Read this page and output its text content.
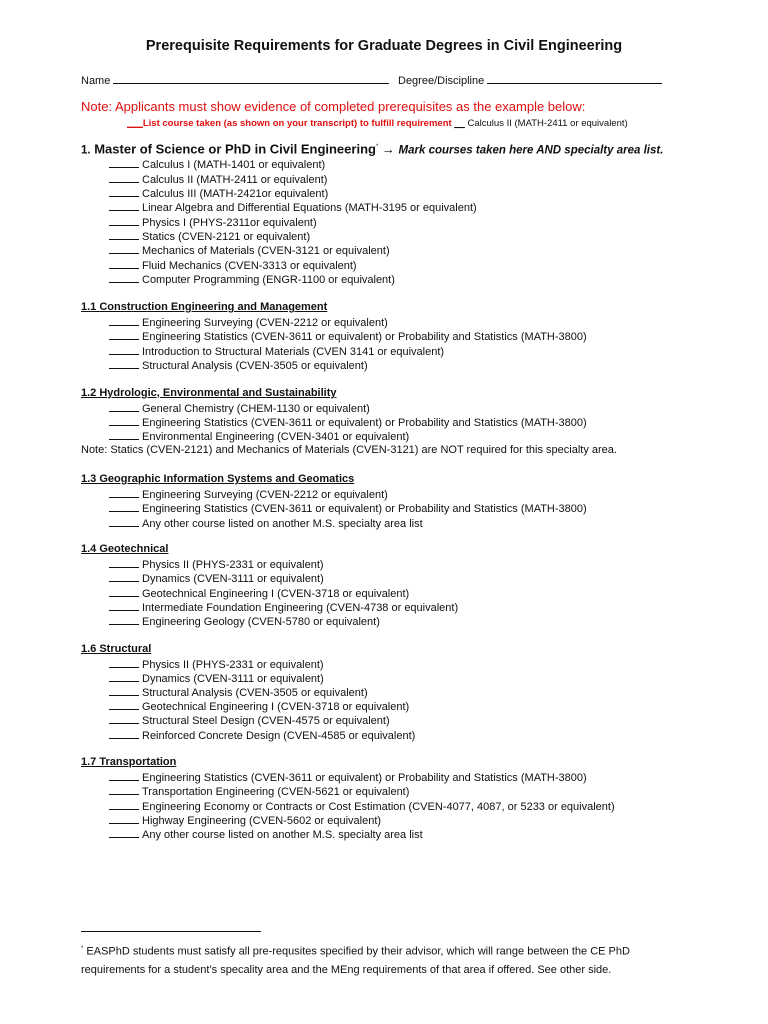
Prerequisite Requirements for Graduate Degrees in Civil Engineering
Name	Degree/Discipline
Note: Applicants must show evidence of completed prerequisites as the example below:
___List course taken (as shown on your transcript) to fulfill requirement __ Calculus II (MATH-2411 or equivalent)
1. Master of Science or PhD in Civil Engineering* → Mark courses taken here AND specialty area list.
Calculus I (MATH-1401 or equivalent)
Calculus II (MATH-2411 or equivalent)
Calculus III (MATH-2421or equivalent)
Linear Algebra and Differential Equations (MATH-3195 or equivalent)
Physics I (PHYS-2311or equivalent)
Statics (CVEN-2121 or equivalent)
Mechanics of Materials (CVEN-3121 or equivalent)
Fluid Mechanics (CVEN-3313 or equivalent)
Computer Programming (ENGR-1100 or equivalent)
1.1 Construction Engineering and Management
Engineering Surveying (CVEN-2212 or equivalent)
Engineering Statistics (CVEN-3611 or equivalent) or Probability and Statistics (MATH-3800)
Introduction to Structural Materials (CVEN 3141 or equivalent)
Structural Analysis (CVEN-3505 or equivalent)
1.2 Hydrologic, Environmental and Sustainability
General Chemistry (CHEM-1130 or equivalent)
Engineering Statistics (CVEN-3611 or equivalent) or Probability and Statistics (MATH-3800)
Environmental Engineering (CVEN-3401 or equivalent)
Note: Statics (CVEN-2121) and Mechanics of Materials (CVEN-3121) are NOT required for this specialty area.
1.3 Geographic Information Systems and Geomatics
Engineering Surveying (CVEN-2212 or equivalent)
Engineering Statistics (CVEN-3611 or equivalent) or Probability and Statistics (MATH-3800)
Any other course listed on another M.S. specialty area list
1.4 Geotechnical
Physics II (PHYS-2331 or equivalent)
Dynamics (CVEN-3111 or equivalent)
Geotechnical Engineering I (CVEN-3718 or equivalent)
Intermediate Foundation Engineering (CVEN-4738 or equivalent)
Engineering Geology (CVEN-5780 or equivalent)
1.6 Structural
Physics II (PHYS-2331 or equivalent)
Dynamics (CVEN-3111 or equivalent)
Structural Analysis (CVEN-3505 or equivalent)
Geotechnical Engineering I (CVEN-3718 or equivalent)
Structural Steel Design (CVEN-4575 or equivalent)
Reinforced Concrete Design (CVEN-4585 or equivalent)
1.7 Transportation
Engineering Statistics (CVEN-3611 or equivalent) or Probability and Statistics (MATH-3800)
Transportation Engineering (CVEN-5621 or equivalent)
Engineering Economy or Contracts or Cost Estimation (CVEN-4077, 4087, or 5233 or equivalent)
Highway Engineering (CVEN-5602 or equivalent)
Any other course listed on another M.S. specialty area list
* EASPhD students must satisfy all pre-requsites specified by their advisor, which will range between the CE PhD
requirements for a student’s specality area and the MEng requirements of that area if offered. See other side.
